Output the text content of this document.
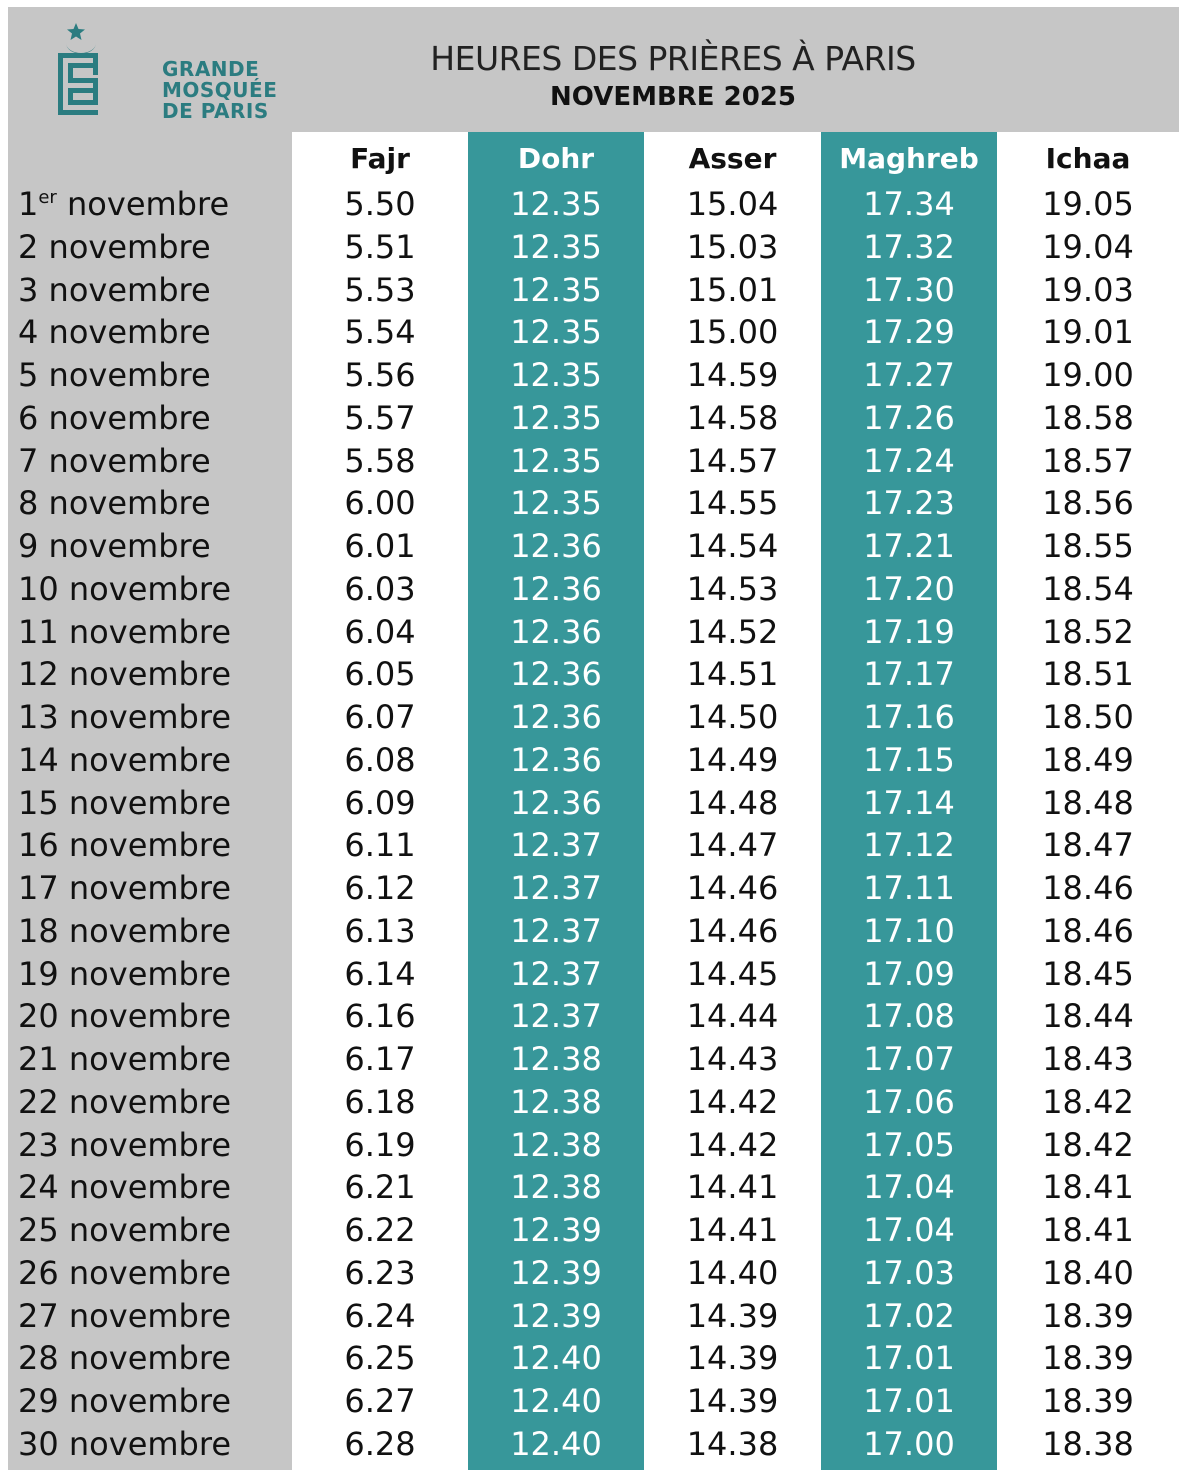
GRANDE
MOSQUÉE
DE PARIS
HEURES DES PRIÈRES À PARIS
NOVEMBRE 2025
Fajr	Dohr	Asser	Maghreb	Ichaa
1er novembre	5.50	12.35	15.04	17.34	19.05
2 novembre	5.51	12.35	15.03	17.32	19.04
3 novembre	5.53	12.35	15.01	17.30	19.03
4 novembre	5.54	12.35	15.00	17.29	19.01
5 novembre	5.56	12.35	14.59	17.27	19.00
6 novembre	5.57	12.35	14.58	17.26	18.58
7 novembre	5.58	12.35	14.57	17.24	18.57
8 novembre	6.00	12.35	14.55	17.23	18.56
9 novembre	6.01	12.36	14.54	17.21	18.55
10 novembre	6.03	12.36	14.53	17.20	18.54
11 novembre	6.04	12.36	14.52	17.19	18.52
12 novembre	6.05	12.36	14.51	17.17	18.51
13 novembre	6.07	12.36	14.50	17.16	18.50
14 novembre	6.08	12.36	14.49	17.15	18.49
15 novembre	6.09	12.36	14.48	17.14	18.48
16 novembre	6.11	12.37	14.47	17.12	18.47
17 novembre	6.12	12.37	14.46	17.11	18.46
18 novembre	6.13	12.37	14.46	17.10	18.46
19 novembre	6.14	12.37	14.45	17.09	18.45
20 novembre	6.16	12.37	14.44	17.08	18.44
21 novembre	6.17	12.38	14.43	17.07	18.43
22 novembre	6.18	12.38	14.42	17.06	18.42
23 novembre	6.19	12.38	14.42	17.05	18.42
24 novembre	6.21	12.38	14.41	17.04	18.41
25 novembre	6.22	12.39	14.41	17.04	18.41
26 novembre	6.23	12.39	14.40	17.03	18.40
27 novembre	6.24	12.39	14.39	17.02	18.39
28 novembre	6.25	12.40	14.39	17.01	18.39
29 novembre	6.27	12.40	14.39	17.01	18.39
30 novembre	6.28	12.40	14.38	17.00	18.38
